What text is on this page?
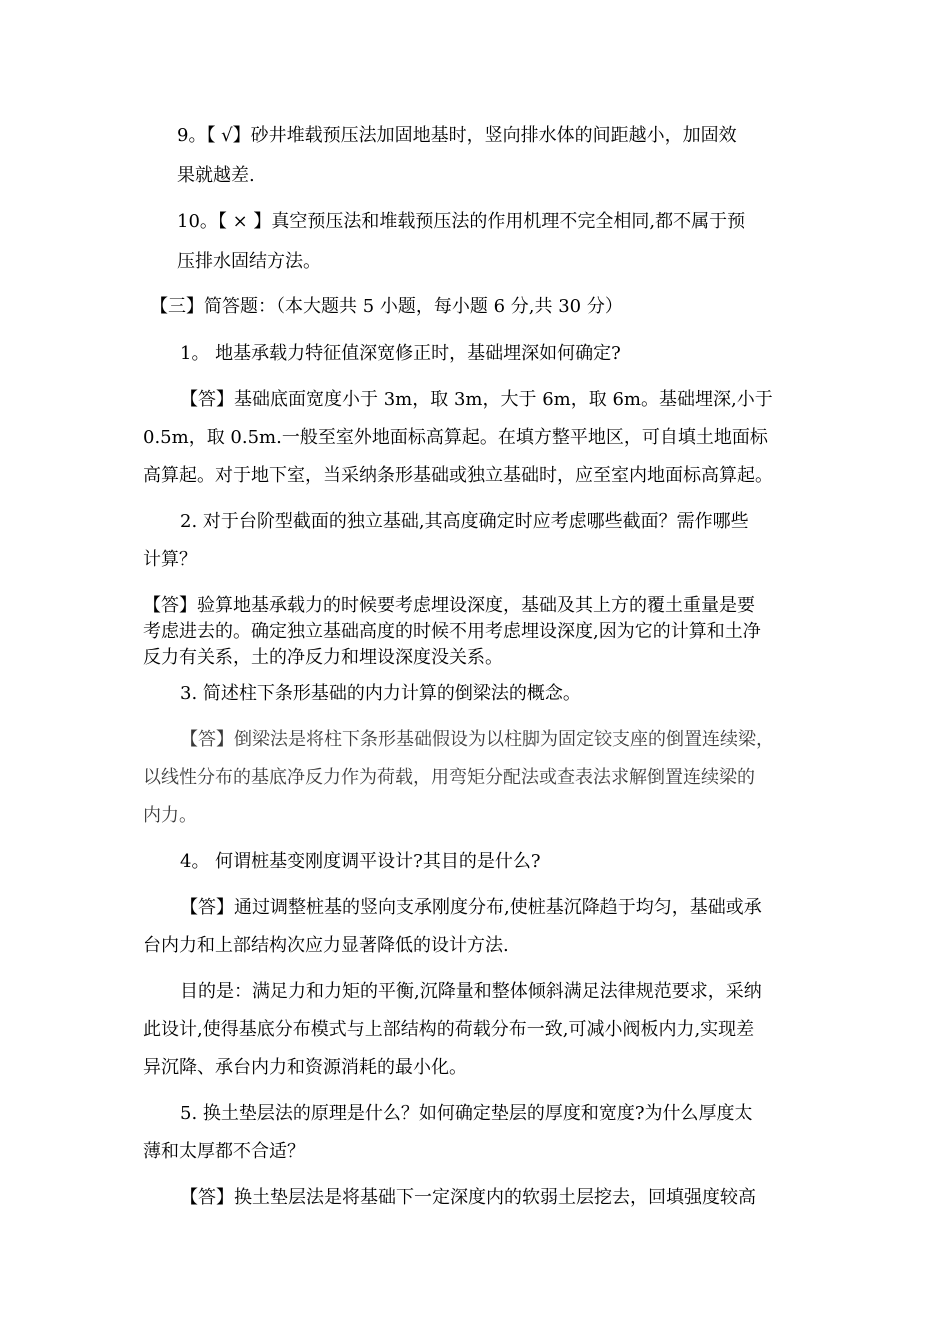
9。【 √】砂井堆载预压法加固地基时，竖向排水体的间距越小，加固效
果就越差.
10。【 × 】真空预压法和堆载预压法的作用机理不完全相同,都不属于预
压排水固结方法。
【三】简答题：（本大题共 5 小题，每小题 6 分,共 30 分）
1。 地基承载力特征值深宽修正时，基础埋深如何确定?
【答】基础底面宽度小于 3m，取 3m，大于 6m，取 6m。基础埋深,小于
0.5m，取 0.5m.一般至室外地面标高算起。在填方整平地区，可自填土地面标
高算起。对于地下室，当采纳条形基础或独立基础时，应至室内地面标高算起。
2. 对于台阶型截面的独立基础,其高度确定时应考虑哪些截面？需作哪些
计算？
【答】验算地基承载力的时候要考虑埋设深度，基础及其上方的覆土重量是要
考虑进去的。确定独立基础高度的时候不用考虑埋设深度,因为它的计算和土净
反力有关系，土的净反力和埋设深度没关系。
3. 简述柱下条形基础的内力计算的倒梁法的概念。
【答】倒梁法是将柱下条形基础假设为以柱脚为固定铰支座的倒置连续梁，
以线性分布的基底净反力作为荷载，用弯矩分配法或查表法求解倒置连续梁的
内力。
4。 何谓桩基变刚度调平设计?其目的是什么?
【答】通过调整桩基的竖向支承刚度分布,使桩基沉降趋于均匀，基础或承
台内力和上部结构次应力显著降低的设计方法.
目的是：满足力和力矩的平衡,沉降量和整体倾斜满足法律规范要求，采纳
此设计,使得基底分布模式与上部结构的荷载分布一致,可减小阀板内力,实现差
异沉降、承台内力和资源消耗的最小化。
5. 换土垫层法的原理是什么？如何确定垫层的厚度和宽度?为什么厚度太
薄和太厚都不合适？
【答】换土垫层法是将基础下一定深度内的软弱土层挖去，回填强度较高
